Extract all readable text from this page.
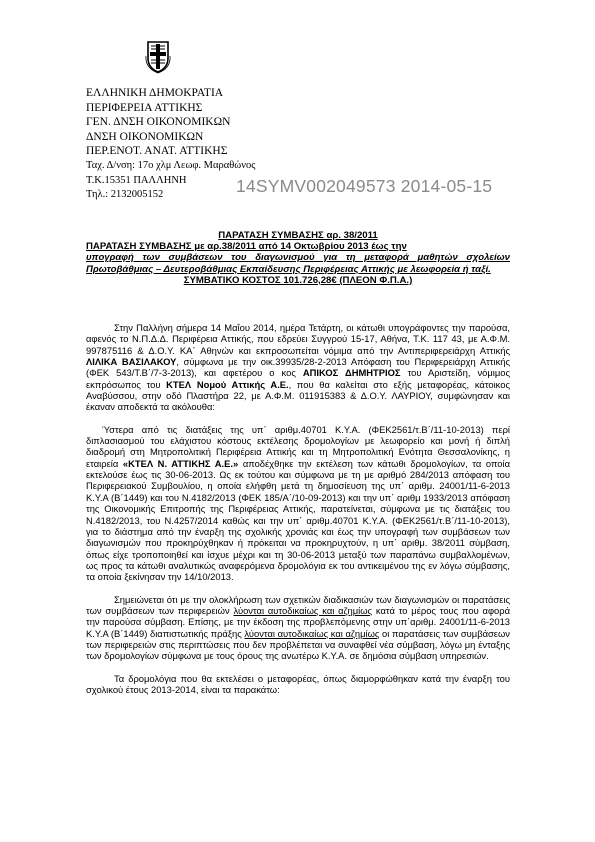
ΕΛΛΗΝΙΚΗ ΔΗΜΟΚΡΑΤΙΑ
ΠΕΡΙΦΕΡΕΙΑ ΑΤΤΙΚΗΣ
ΓΕΝ. ΔΝΣΗ ΟΙΚΟΝΟΜΙΚΩΝ
ΔΝΣΗ ΟΙΚΟΝΟΜΙΚΩΝ
ΠΕΡ.ΕΝΟΤ. ΑΝΑΤ. ΑΤΤΙΚΗΣ
Ταχ. Δ/νση: 17ο χλμ Λεωφ. Μαραθώνος
Τ.Κ.15351 ΠΑΛΛΗΝΗ
Τηλ.: 2132005152	14SYMV002049573 2014-05-15
ΠΑΡΑΤΑΣΗ ΣΥΜΒΑΣΗΣ αρ. 38/2011
ΠΑΡΑΤΑΣΗ ΣΥΜΒΑΣΗΣ με αρ.38/2011 από 14 Οκτωβρίου 2013 έως την
υπογραφή των συμβάσεων του διαγωνισμού για τη μεταφορά μαθητών σχολείων Πρωτοβάθμιας – Δευτεροβάθμιας Εκπαίδευσης Περιφέρειας Αττικής με λεωφορεία ή ταξί.
ΣΥΜΒΑΤΙΚΟ ΚΟΣΤΟΣ 101.726,28€ (ΠΛΕΟΝ Φ.Π.Α.)

Στην Παλλήνη σήμερα 14 Μαΐου 2014, ημέρα Τετάρτη, οι κάτωθι υπογράφοντες την παρούσα, αφενός το Ν.Π.Δ.Δ. Περιφέρεια Αττικής, που εδρεύει Συγγρού 15-17, Αθήνα, Τ.Κ. 117 43, με Α.Φ.Μ. 997875116 & Δ.Ο.Υ. ΚΑ΄ Αθηνών και εκπροσωπείται νόμιμα από την Αντιπεριφερειάρχη Αττικής ΛΙΛΙΚΑ ΒΑΣΙΛΑΚΟΥ, σύμφωνα με την οικ.39935/28-2-2013 Απόφαση του Περιφερειάρχη Αττικής (ΦΕΚ 543/Τ.Β΄/7-3-2013), και αφετέρου ο κος ΑΠΙΚΟΣ ΔΗΜΗΤΡΙΟΣ του Αριστείδη, νόμιμος εκπρόσωπος του ΚΤΕΛ Νομού Αττικής Α.Ε., που θα καλείται στο εξής μεταφορέας, κάτοικος Αναβύσσου, στην οδό Πλαστήρα 22, με Α.Φ.Μ. 011915383 & Δ.Ο.Υ. ΛΑΥΡΙΟΥ, συμφώνησαν και έκαναν αποδεκτά τα ακόλουθα:

Ύστερα από τις διατάξεις της υπ΄ αριθμ.40701 Κ.Υ.Α. (ΦΕΚ2561/τ.Β΄/11-10-2013) περί διπλασιασμού του ελάχιστου κόστους εκτέλεσης δρομολογίων με λεωφορείο και μονή ή διπλή διαδρομή στη Μητροπολιτική Περιφέρεια Αττικής και τη Μητροπολιτική Ενότητα Θεσσαλονίκης, η εταιρεία «ΚΤΕΛ Ν. ΑΤΤΙΚΗΣ Α.Ε.» αποδέχθηκε την εκτέλεση των κάτωθι δρομολογίων, τα οποία εκτελούσε έως τις 30-06-2013. Ως εκ τούτου και σύμφωνα με τη με αριθμό 284/2013 απόφαση του Περιφερειακού Συμβουλίου, η οποία ελήφθη μετά τη δημοσίευση της υπ΄ αριθμ. 24001/11-6-2013 Κ.Υ.Α (Β΄1449) και του Ν.4182/2013 (ΦΕΚ 185/Α΄/10-09-2013) και την υπ΄ αριθμ 1933/2013 απόφαση της Οικονομικής Επιτροπής της Περιφέρειας Αττικής, παρατείνεται, σύμφωνα με τις διατάξεις του Ν.4182/2013, του Ν.4257/2014 καθώς και την υπ΄ αριθμ.40701 Κ.Υ.Α. (ΦΕΚ2561/τ.Β΄/11-10-2013), για το διάστημα από την έναρξη της σχολικής χρονιάς και έως την υπογραφή των συμβάσεων των διαγωνισμών που προκηρύχθηκαν ή πρόκειται να προκηρυχτούν, η υπ΄ αριθμ. 38/2011 σύμβαση, όπως είχε τροποποιηθεί και ίσχυε μέχρι και τη 30-06-2013 μεταξύ των παραπάνω συμβαλλομένων, ως προς τα κάτωθι αναλυτικώς αναφερόμενα δρομολόγια εκ του αντικειμένου της εν λόγω σύμβασης, τα οποία ξεκίνησαν την 14/10/2013.

Σημειώνεται ότι με την ολοκλήρωση των σχετικών διαδικασιών των διαγωνισμών οι παρατάσεις των συμβάσεων των περιφερειών λύονται αυτοδικαίως και αζημίως κατά το μέρος τους που αφορά την παρούσα σύμβαση. Επίσης, με την έκδοση της προβλεπόμενης στην υπ΄αριθμ. 24001/11-6-2013 Κ.Υ.Α (Β΄1449) διαπιστωτικής πράξης λύονται αυτοδικαίως και αζημίως οι παρατάσεις των συμβάσεων των περιφερειών στις περιπτώσεις που δεν προβλέπεται να συναφθεί νέα σύμβαση, λόγω μη ένταξης των δρομολογίων σύμφωνα με τους όρους της ανωτέρω Κ.Υ.Α. σε δημόσια σύμβαση υπηρεσιών.

Τα δρομολόγια που θα εκτελέσει ο μεταφορέας, όπως διαμορφώθηκαν κατά την έναρξη του σχολικού έτους 2013-2014, είναι τα παρακάτω:
